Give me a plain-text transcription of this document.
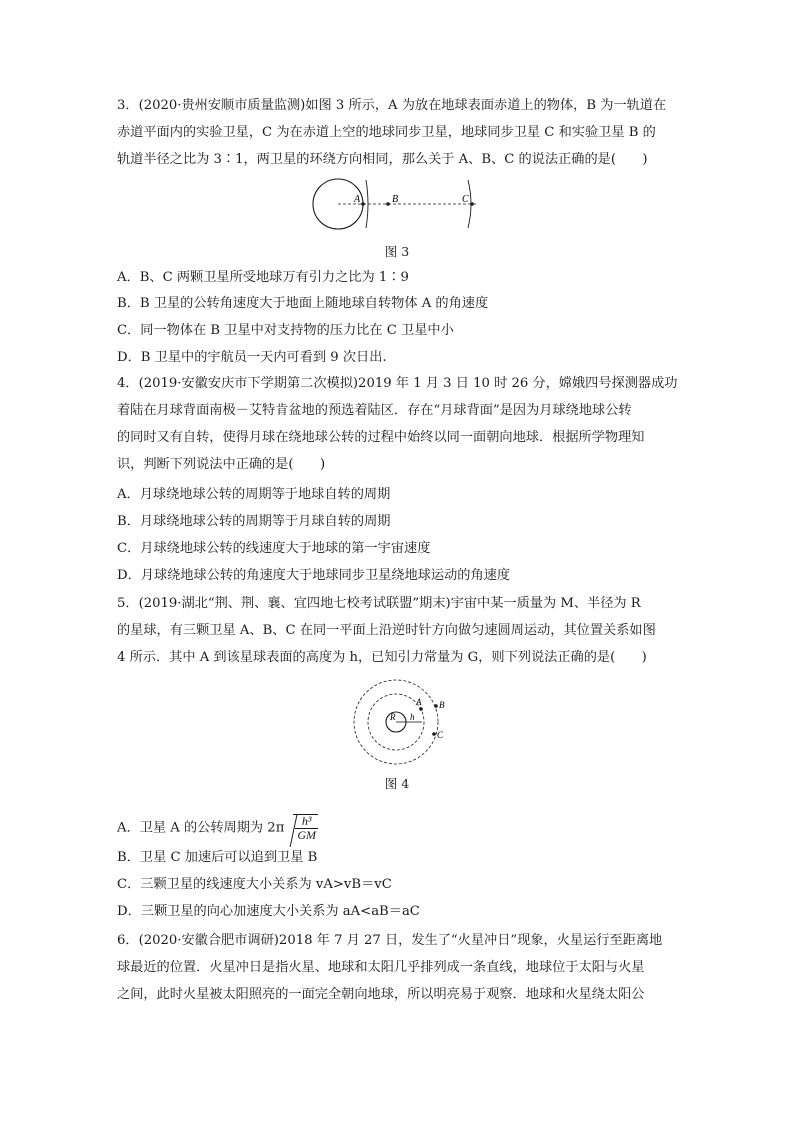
3．(2020·贵州安顺市质量监测)如图 3 所示，A 为放在地球表面赤道上的物体，B 为一轨道在
赤道平面内的实验卫星，C 为在赤道上空的地球同步卫星，地球同步卫星 C 和实验卫星 B 的
轨道半径之比为 3∶1，两卫星的环绕方向相同，那么关于 A、B、C 的说法正确的是(　　)
A	B	C
图 3
A．B、C 两颗卫星所受地球万有引力之比为 1∶9
B．B 卫星的公转角速度大于地面上随地球自转物体 A 的角速度
C．同一物体在 B 卫星中对支持物的压力比在 C 卫星中小
D．B 卫星中的宇航员一天内可看到 9 次日出.
4．(2019·安徽安庆市下学期第二次模拟)2019 年 1 月 3 日 10 时 26 分，嫦娥四号探测器成功
着陆在月球背面南极－艾特肯盆地的预选着陆区．存在“月球背面”是因为月球绕地球公转
的同时又有自转，使得月球在绕地球公转的过程中始终以同一面朝向地球．根据所学物理知
识，判断下列说法中正确的是(　　)
A．月球绕地球公转的周期等于地球自转的周期
B．月球绕地球公转的周期等于月球自转的周期
C．月球绕地球公转的线速度大于地球的第一宇宙速度
D．月球绕地球公转的角速度大于地球同步卫星绕地球运动的角速度
5．(2019·湖北“荆、荆、襄、宜四地七校考试联盟”期末)宇宙中某一质量为 M、半径为 R
的星球，有三颗卫星 A、B、C 在同一平面上沿逆时针方向做匀速圆周运动，其位置关系如图
4 所示．其中 A 到该星球表面的高度为 h，已知引力常量为 G，则下列说法正确的是(　　)
R h
A B
C
图 4
A．卫星 A 的公转周期为 $2\pi \frac{\text{h³}}{GM}$
B．卫星 C 加速后可以追到卫星 B
C．三颗卫星的线速度大小关系为 vA>vB＝vC
D．三颗卫星的向心加速度大小关系为 aA<aB＝aC
6．(2020·安徽合肥市调研)2018 年 7 月 27 日，发生了“火星冲日”现象，火星运行至距离地
球最近的位置．火星冲日是指火星、地球和太阳几乎排列成一条直线，地球位于太阳与火星
之间，此时火星被太阳照亮的一面完全朝向地球，所以明亮易于观察．地球和火星绕太阳公
